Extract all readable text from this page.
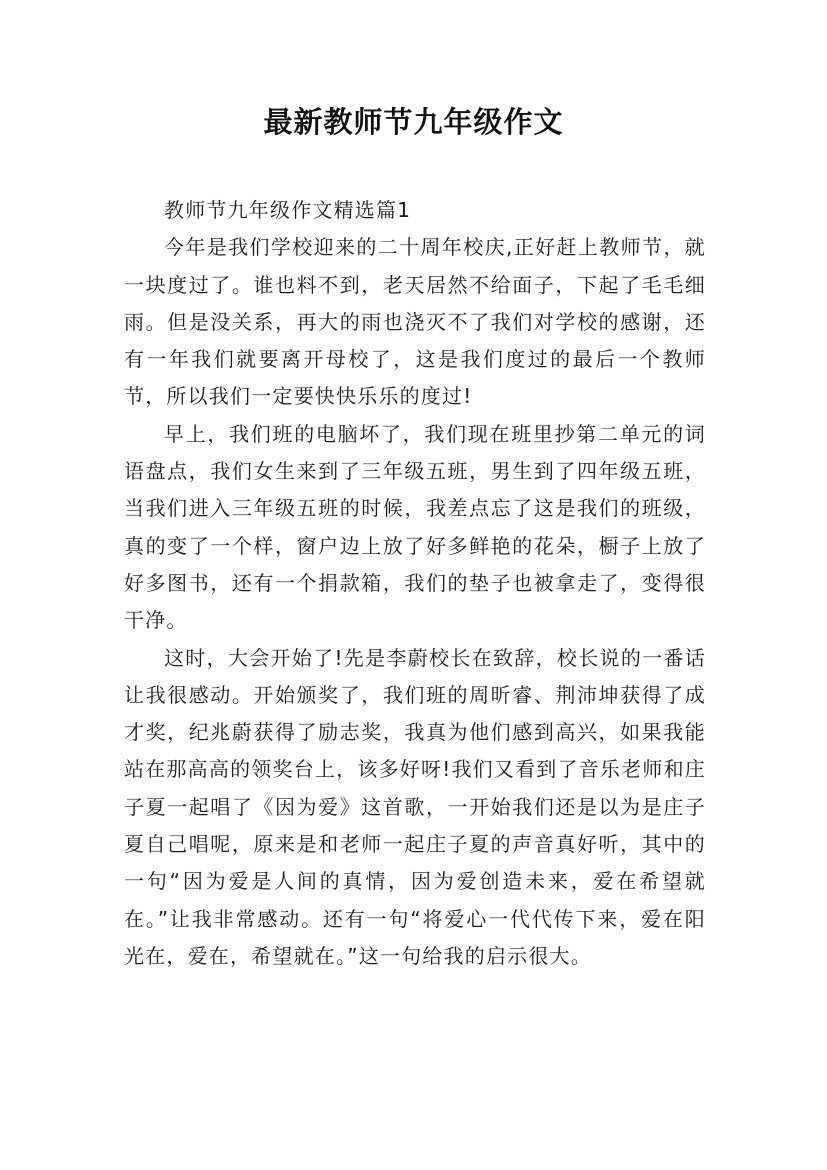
最新教师节九年级作文

教师节九年级作文精选篇1

今年是我们学校迎来的二十周年校庆,正好赶上教师节，就一块度过了。谁也料不到，老天居然不给面子，下起了毛毛细雨。但是没关系，再大的雨也浇灭不了我们对学校的感谢，还有一年我们就要离开母校了，这是我们度过的最后一个教师节，所以我们一定要快快乐乐的度过!

早上，我们班的电脑坏了，我们现在班里抄第二单元的词语盘点，我们女生来到了三年级五班，男生到了四年级五班，当我们进入三年级五班的时候，我差点忘了这是我们的班级，真的变了一个样，窗户边上放了好多鲜艳的花朵，橱子上放了好多图书，还有一个捐款箱，我们的垫子也被拿走了，变得很干净。

这时，大会开始了!先是李蔚校长在致辞，校长说的一番话让我很感动。开始颁奖了，我们班的周昕睿、荆沛坤获得了成才奖，纪兆蔚获得了励志奖，我真为他们感到高兴，如果我能站在那高高的领奖台上，该多好呀!我们又看到了音乐老师和庄子夏一起唱了《因为爱》这首歌，一开始我们还是以为是庄子夏自己唱呢，原来是和老师一起庄子夏的声音真好听，其中的一句“因为爱是人间的真情，因为爱创造未来，爱在希望就在。”让我非常感动。还有一句“将爱心一代代传下来，爱在阳光在，爱在，希望就在。”这一句给我的启示很大。
